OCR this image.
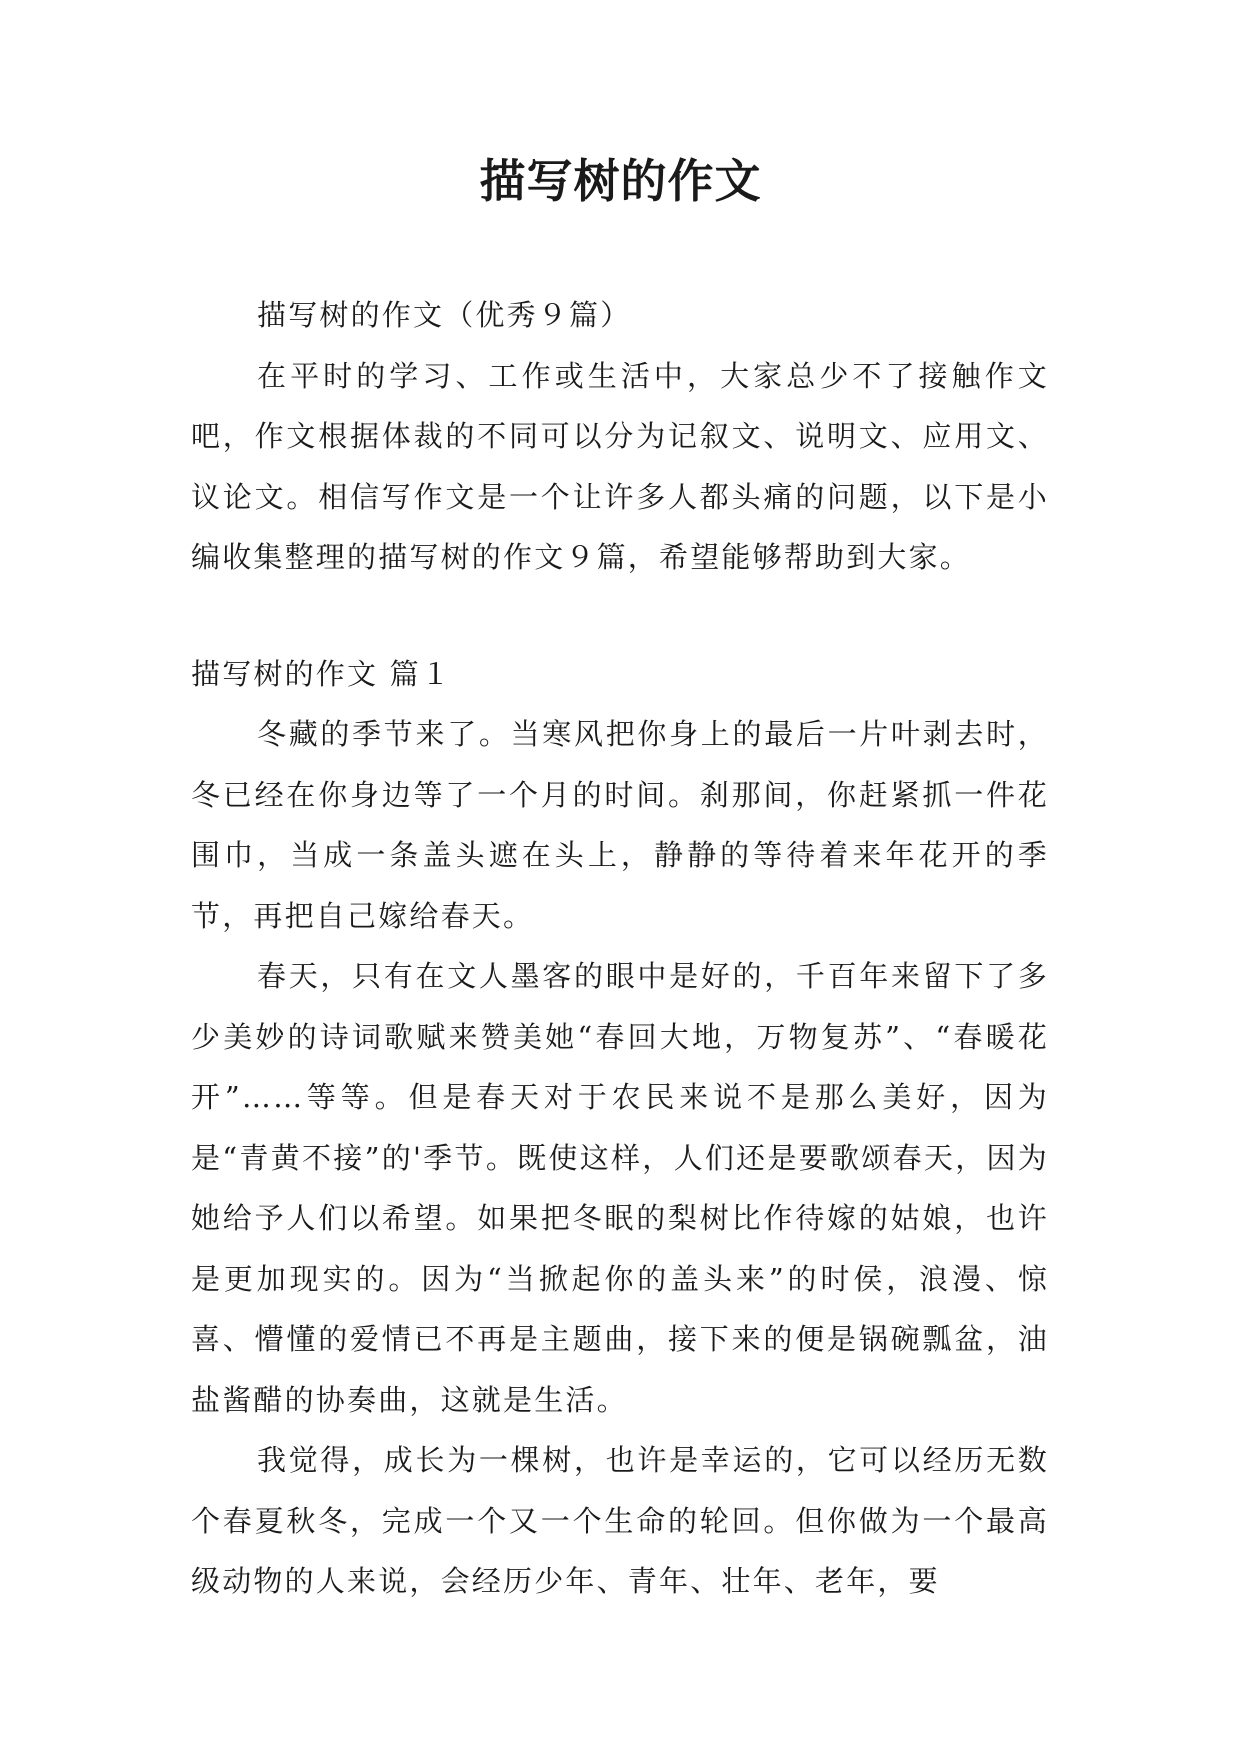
描写树的作文

描写树的作文（优秀９篇）

在平时的学习、工作或生活中，大家总少不了接触作文吧，作文根据体裁的不同可以分为记叙文、说明文、应用文、议论文。相信写作文是一个让许多人都头痛的问题，以下是小编收集整理的描写树的作文９篇，希望能够帮助到大家。

描写树的作文 篇１

冬藏的季节来了。当寒风把你身上的最后一片叶剥去时，冬已经在你身边等了一个月的时间。刹那间，你赶紧抓一件花围巾，当成一条盖头遮在头上，静静的等待着来年花开的季节，再把自己嫁给春天。

春天，只有在文人墨客的眼中是好的，千百年来留下了多少美妙的诗词歌赋来赞美她“春回大地，万物复苏”、“春暖花开”……等等。但是春天对于农民来说不是那么美好，因为是“青黄不接”的'季节。既使这样，人们还是要歌颂春天，因为她给予人们以希望。如果把冬眠的梨树比作待嫁的姑娘，也许是更加现实的。因为“当掀起你的盖头来”的时侯，浪漫、惊喜、懵懂的爱情已不再是主题曲，接下来的便是锅碗瓢盆，油盐酱醋的协奏曲，这就是生活。

我觉得，成长为一棵树，也许是幸运的，它可以经历无数个春夏秋冬，完成一个又一个生命的轮回。但你做为一个最高级动物的人来说，会经历少年、青年、壮年、老年，要
